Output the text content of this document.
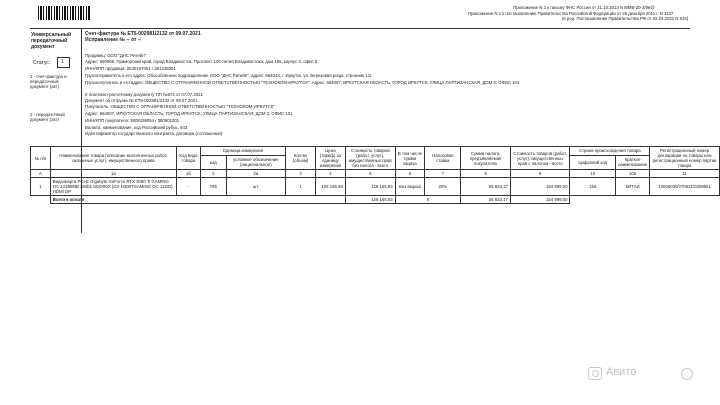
Приложение N 1 к письму ФНС России от 21.10.2013 N ММВ-20-3/96@
Приложение N 1 к постановлению Правительства Российской Федерации от 26 декабря 2011 г. N 1137
(в ред. Постановления Правительства РФ от 02.04.2021 N 534)
Универсальный передаточный документ
Статус: 1
1 - счет-фактура и передаточный документ (акт)
2 - передаточный документ (акт)
Счет-фактура № ЕТ5-002981/2132 от 09.07.2021
Исправление № -- от --
Продавец: ООО "ДНС Ритейл"
Адрес: 690068, Приморский край, город Владивосток, Проспект 100-летия Владивостока, дом 155, корпус 3, офис 5
ИНН/КПП продавца: 2540167061 / 381245001
Грузоотправитель и его адрес: Обособленное подразделение ООО "ДНС Ритейл", адрес: 664043, г. Иркутск, ул. Березовая роща, строение 1/2
Грузополучатель и его адрес: ОБЩЕСТВО С ОГРАНИЧЕННОЙ ОТВЕТСТВЕННОСТЬЮ "ТЕХНОКОМ-ИРКУТСК", Адрес: 664007, ИРКУТСКАЯ ОБЛАСТЬ, ГОРОД ИРКУТСК, УЛИЦА ПАРТИЗАНСКАЯ, ДОМ 3, ОФИС 101
К платежно-расчетному документу ПП №872 от 07.07.2021
Документ об отгрузке № ЕТ5-002981/2132 от 09.07.2021
Покупатель: ОБЩЕСТВО С ОГРАНИЧЕННОЙ ОТВЕТСТВЕННОСТЬЮ "ТЕХНОКОМ-ИРКУТСК"
Адрес: 664007, ИРКУТСКАЯ ОБЛАСТЬ, ГОРОД ИРКУТСК, УЛИЦА ПАРТИЗАНСКАЯ, ДОМ 3, ОФИС 101
ИНН/КПП покупателя: 3808199054 / 380801001
Валюта: наименование, код Российский рубль, 643
Идентификатор государственного контракта, договора (соглашения):
№ п/п	Наименование товара (описание выполненных работ, оказанных услуг), имущественного права	Код вида товара	Единица измерения		Кол-во (объем)	Цена (тариф) за единицу измерения	Стоимость товаров (работ, услуг), имущественных прав без налога - всего	В том числе сумма акциза	Налоговая ставка	Сумма налога, предъявляемая покупателю	Стоимость товаров (работ, услуг), имущественных прав с налогом - всего	Страна происхождения товара		Регистрационный номер декларации на товары или регистрационный номер партии товара
			код	условное обозначение (национальное)								Цифровой код	Краткое наименование	
А	1а	1б	2	2а	3	4	5	6	7	8	9	10	10а	11
1	Видеокарта PCI-E Gigabyte GeForce RTX 3080 Ti GAMING OC 12288MB 384bit GDDR6X [GV-N308TGAMING OC-12GD] HDMI DP	-	796	шт.	1	129 165,83	129 165,83	Без акциза	20%	25 833,17	154 999,00	156	КИТАЙ	10005030/270621/0309661
	Всего к оплате						129 165,83	X		25 833,17	154 999,00			
Авито
